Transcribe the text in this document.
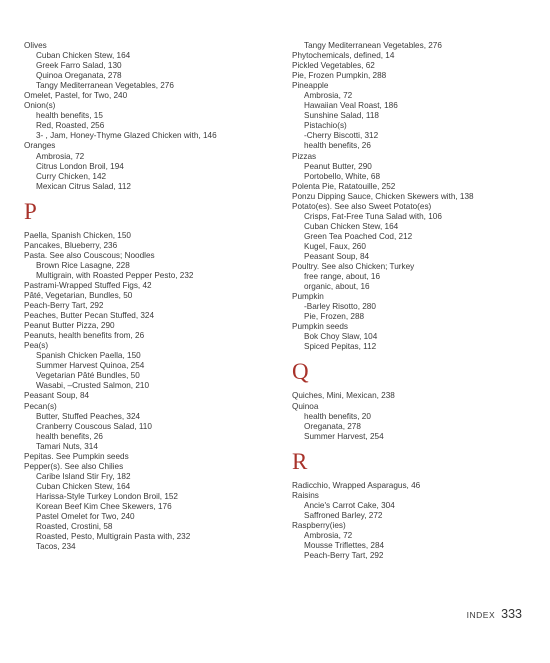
Olives
Cuban Chicken Stew, 164
Greek Farro Salad, 130
Quinoa Oreganata, 278
Tangy Mediterranean Vegetables, 276
Omelet, Pastel, for Two, 240
Onion(s)
health benefits, 15
Red, Roasted, 256
3- , Jam, Honey-Thyme Glazed Chicken with, 146
Oranges
Ambrosia, 72
Citrus London Broil, 194
Curry Chicken, 142
Mexican Citrus Salad, 112
P
Paella, Spanish Chicken, 150
Pancakes, Blueberry, 236
Pasta. See also Couscous; Noodles
Brown Rice Lasagne, 228
Multigrain, with Roasted Pepper Pesto, 232
Pastrami-Wrapped Stuffed Figs, 42
Pâté, Vegetarian, Bundles, 50
Peach-Berry Tart, 292
Peaches, Butter Pecan Stuffed, 324
Peanut Butter Pizza, 290
Peanuts, health benefits from, 26
Pea(s)
Spanish Chicken Paella, 150
Summer Harvest Quinoa, 254
Vegetarian Pâté Bundles, 50
Wasabi, –Crusted Salmon, 210
Peasant Soup, 84
Pecan(s)
Butter, Stuffed Peaches, 324
Cranberry Couscous Salad, 110
health benefits, 26
Tamari Nuts, 314
Pepitas. See Pumpkin seeds
Pepper(s). See also Chilies
Caribe Island Stir Fry, 182
Cuban Chicken Stew, 164
Harissa-Style Turkey London Broil, 152
Korean Beef Kim Chee Skewers, 176
Pastel Omelet for Two, 240
Roasted, Crostini, 58
Roasted, Pesto, Multigrain Pasta with, 232
Tacos, 234
Tangy Mediterranean Vegetables, 276
Phytochemicals, defined, 14
Pickled Vegetables, 62
Pie, Frozen Pumpkin, 288
Pineapple
Ambrosia, 72
Hawaiian Veal Roast, 186
Sunshine Salad, 118
Pistachio(s)
-Cherry Biscotti, 312
health benefits, 26
Pizzas
Peanut Butter, 290
Portobello, White, 68
Polenta Pie, Ratatouille, 252
Ponzu Dipping Sauce, Chicken Skewers with, 138
Potato(es). See also Sweet Potato(es)
Crisps, Fat-Free Tuna Salad with, 106
Cuban Chicken Stew, 164
Green Tea Poached Cod, 212
Kugel, Faux, 260
Peasant Soup, 84
Poultry. See also Chicken; Turkey
free range, about, 16
organic, about, 16
Pumpkin
-Barley Risotto, 280
Pie, Frozen, 288
Pumpkin seeds
Bok Choy Slaw, 104
Spiced Pepitas, 112
Q
Quiches, Mini, Mexican, 238
Quinoa
health benefits, 20
Oreganata, 278
Summer Harvest, 254
R
Radicchio, Wrapped Asparagus, 46
Raisins
Ancie's Carrot Cake, 304
Saffroned Barley, 272
Raspberry(ies)
Ambrosia, 72
Mousse Triflettes, 284
Peach-Berry Tart, 292
INDEX 333
